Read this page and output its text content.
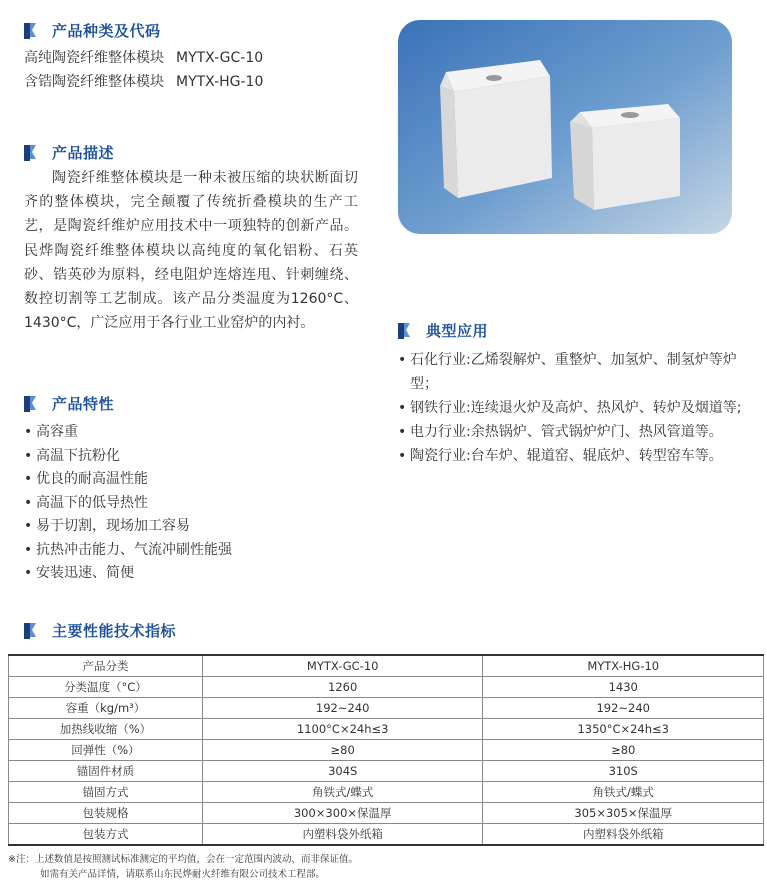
产品种类及代码
高纯陶瓷纤维整体模块 MYTX-GC-10
含锆陶瓷纤维整体模块 MYTX-HG-10
产品描述

陶瓷纤维整体模块是一种未被压缩的块状断面切齐的整体模块，完全颠覆了传统折叠模块的生产工艺，是陶瓷纤维炉应用技术中一项独特的创新产品。民烨陶瓷纤维整体模块以高纯度的氧化铝粉、石英砂、锆英砂为原料，经电阻炉连熔连甩、针刺缠绕、数控切割等工艺制成。该产品分类温度为1260°C、1430°C，广泛应用于各行业工业窑炉的内衬。

产品特性
• 高容重
• 高温下抗粉化
• 优良的耐高温性能
• 高温下的低导热性
• 易于切割，现场加工容易
• 抗热冲击能力、气流冲刷性能强
• 安装迅速、简便
典型应用
• 石化行业:乙烯裂解炉、重整炉、加氢炉、制氢炉等炉型；
• 钢铁行业:连续退火炉及高炉、热风炉、转炉及烟道等;
• 电力行业:余热锅炉、管式锅炉炉门、热风管道等。
• 陶瓷行业:台车炉、辊道窑、辊底炉、转型窑车等。
主要性能技术指标
产品分类	MYTX-GC-10	MYTX-HG-10
分类温度（°C）	1260	1430
容重（kg/m³）	192~240	192~240
加热线收缩（%）	1100°C×24h≤3	1350°C×24h≤3
回弹性（%）	≥80	≥80
锚固件材质	304S	310S
锚固方式	角铁式/蝶式	角铁式/蝶式
包装规格	300×300×保温厚	305×305×保温厚
包装方式	内塑料袋外纸箱	内塑料袋外纸箱
※注：上述数值是按照测试标准测定的平均值，会在一定范围内波动，而非保证值。
如需有关产品详情，请联系山东民烨耐火纤维有限公司技术工程部。
